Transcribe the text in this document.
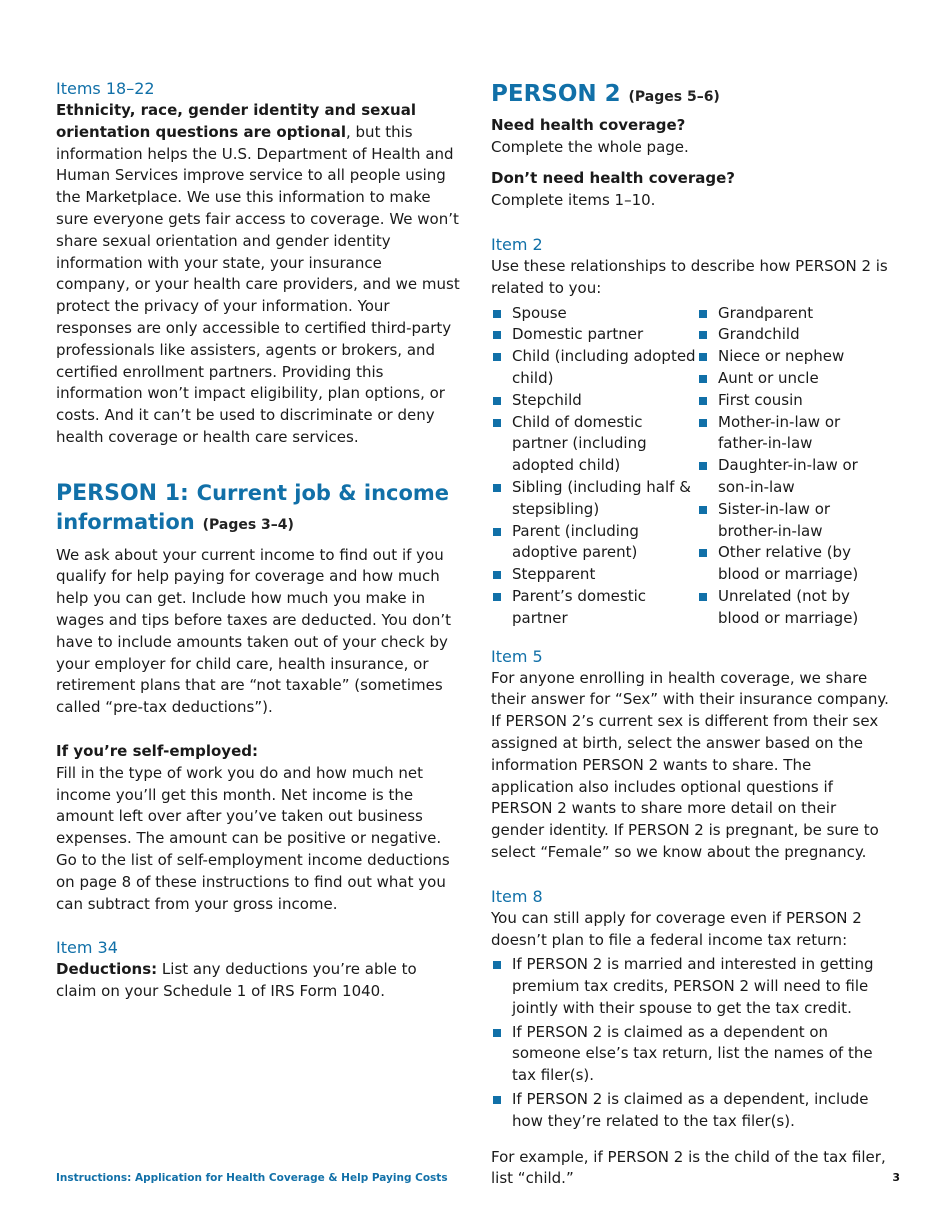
Items 18–22

Ethnicity, race, gender identity and sexual orientation questions are optional, but this information helps the U.S. Department of Health and Human Services improve service to all people using the Marketplace. We use this information to make sure everyone gets fair access to coverage. We won’t share sexual orientation and gender identity information with your state, your insurance company, or your health care providers, and we must protect the privacy of your information. Your responses are only accessible to certified third-party professionals like assisters, agents or brokers, and certified enrollment partners. Providing this information won’t impact eligibility, plan options, or costs. And it can’t be used to discriminate or deny health coverage or health care services.

PERSON 1: Current job & income information (Pages 3–4)

We ask about your current income to find out if you qualify for help paying for coverage and how much help you can get. Include how much you make in wages and tips before taxes are deducted. You don’t have to include amounts taken out of your check by your employer for child care, health insurance, or retirement plans that are “not taxable” (sometimes called “pre-tax deductions”).

If you’re self-employed:

Fill in the type of work you do and how much net income you’ll get this month. Net income is the amount left over after you’ve taken out business expenses. The amount can be positive or negative. Go to the list of self-employment income deductions on page 8 of these instructions to find out what you can subtract from your gross income.

Item 34

Deductions: List any deductions you’re able to claim on your Schedule 1 of IRS Form 1040.

PERSON 2 (Pages 5–6)

Need health coverage?

Complete the whole page.

Don’t need health coverage?

Complete items 1–10.

Item 2

Use these relationships to describe how PERSON 2 is related to you:

Spouse
Domestic partner
Child (including adopted child)
Stepchild
Child of domestic partner (including adopted child)
Sibling (including half & stepsibling)
Parent (including adoptive parent)
Stepparent
Parent’s domestic partner
Grandparent
Grandchild
Niece or nephew
Aunt or uncle
First cousin
Mother-in-law or father-in-law
Daughter-in-law or son-in-law
Sister-in-law or brother-in-law
Other relative (by blood or marriage)
Unrelated (not by blood or marriage)
Item 5

For anyone enrolling in health coverage, we share their answer for “Sex” with their insurance company. If PERSON 2’s current sex is different from their sex assigned at birth, select the answer based on the information PERSON 2 wants to share. The application also includes optional questions if PERSON 2 wants to share more detail on their gender identity. If PERSON 2 is pregnant, be sure to select “Female” so we know about the pregnancy.

Item 8

You can still apply for coverage even if PERSON 2 doesn’t plan to file a federal income tax return:

If PERSON 2 is married and interested in getting premium tax credits, PERSON 2 will need to file jointly with their spouse to get the tax credit.
If PERSON 2 is claimed as a dependent on someone else’s tax return, list the names of the tax filer(s).
If PERSON 2 is claimed as a dependent, include how they’re related to the tax filer(s).

For example, if PERSON 2 is the child of the tax filer, list “child.”

Instructions: Application for Health Coverage & Help Paying Costs	3
